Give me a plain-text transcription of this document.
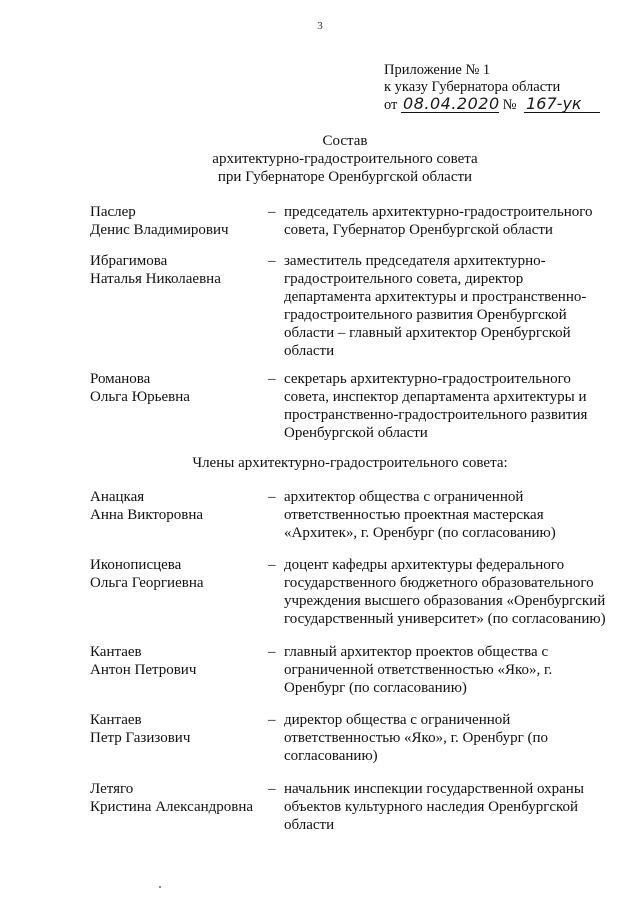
3
Приложение № 1
к указу Губернатора области
от 08.04.2020 № 167-ук
Состав
архитектурно-градостроительного совета
при Губернаторе Оренбургской области
Паслер
Денис Владимирович
– председатель архитектурно-градостроительного совета, Губернатор Оренбургской области
Ибрагимова
Наталья Николаевна
– заместитель председателя архитектурно-градостроительного совета, директор департамента архитектуры и пространственно-градостроительного развития Оренбургской области – главный архитектор Оренбургской области
Романова
Ольга Юрьевна
– секретарь архитектурно-градостроительного совета, инспектор департамента архитектуры и пространственно-градостроительного развития Оренбургской области
Члены архитектурно-градостроительного совета:
Анацкая
Анна Викторовна
– архитектор общества с ограниченной ответственностью проектная мастерская «Архитек», г. Оренбург (по согласованию)
Иконописцева
Ольга Георгиевна
– доцент кафедры архитектуры федерального государственного бюджетного образовательного учреждения высшего образования «Оренбургский государственный университет» (по согласованию)
Кантаев
Антон Петрович
– главный архитектор проектов общества с ограниченной ответственностью «Яко», г. Оренбург (по согласованию)
Кантаев
Петр Газизович
– директор общества с ограниченной ответственностью «Яко», г. Оренбург (по согласованию)
Летяго
Кристина Александровна
– начальник инспекции государственной охраны объектов культурного наследия Оренбургской области
